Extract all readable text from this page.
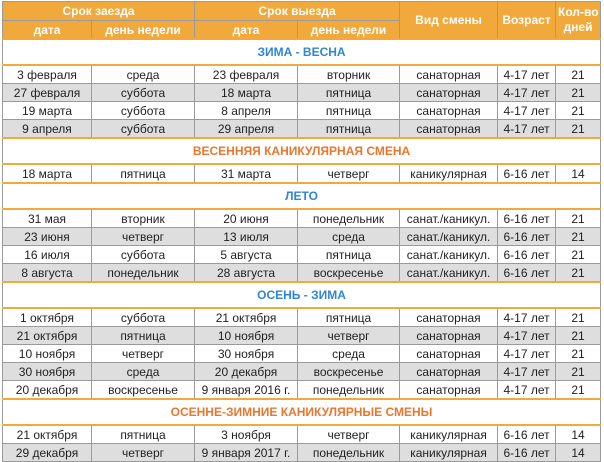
Срок заезда		Срок выезда		Вид смены	Возраст	Кол-во
дней
дата	день недели	дата	день недели			
ЗИМА - ВЕСНА						
3 февраля	среда	23 февраля	вторник	санаторная	4-17 лет	21
27 февраля	суббота	18 марта	пятница	санаторная	4-17 лет	21
19 марта	суббота	8 апреля	пятница	санаторная	4-17 лет	21
9 апреля	суббота	29 апреля	пятница	санаторная	4-17 лет	21
ВЕСЕННЯЯ КАНИКУЛЯРНАЯ СМЕНА						
18 марта	пятница	31 марта	четверг	каникулярная	6-16 лет	14
ЛЕТО						
31 мая	вторник	20 июня	понедельник	санат./каникул.	6-16 лет	21
23 июня	четверг	13 июля	среда	санат./каникул.	6-16 лет	21
16 июля	суббота	5 августа	пятница	санат./каникул.	6-16 лет	21
8 августа	понедельник	28 августа	воскресенье	санат./каникул.	6-16 лет	21
ОСЕНЬ - ЗИМА						
1 октября	суббота	21 октября	пятница	санаторная	4-17 лет	21
21 октября	пятница	10 ноября	четверг	санаторная	4-17 лет	21
10 ноября	четверг	30 ноября	среда	санаторная	4-17 лет	21
30 ноября	среда	20 декабря	воскресенье	санаторная	4-17 лет	21
20 декабря	воскресенье	9 января 2016 г.	понедельник	санаторная	4-17 лет	21
ОСЕННЕ-ЗИМНИЕ КАНИКУЛЯРНЫЕ СМЕНЫ						
21 октября	пятница	3 ноября	четверг	каникулярная	6-16 лет	14
29 декабря	четверг	9 января 2017 г.	понедельник	каникулярная	6-16 лет	14
